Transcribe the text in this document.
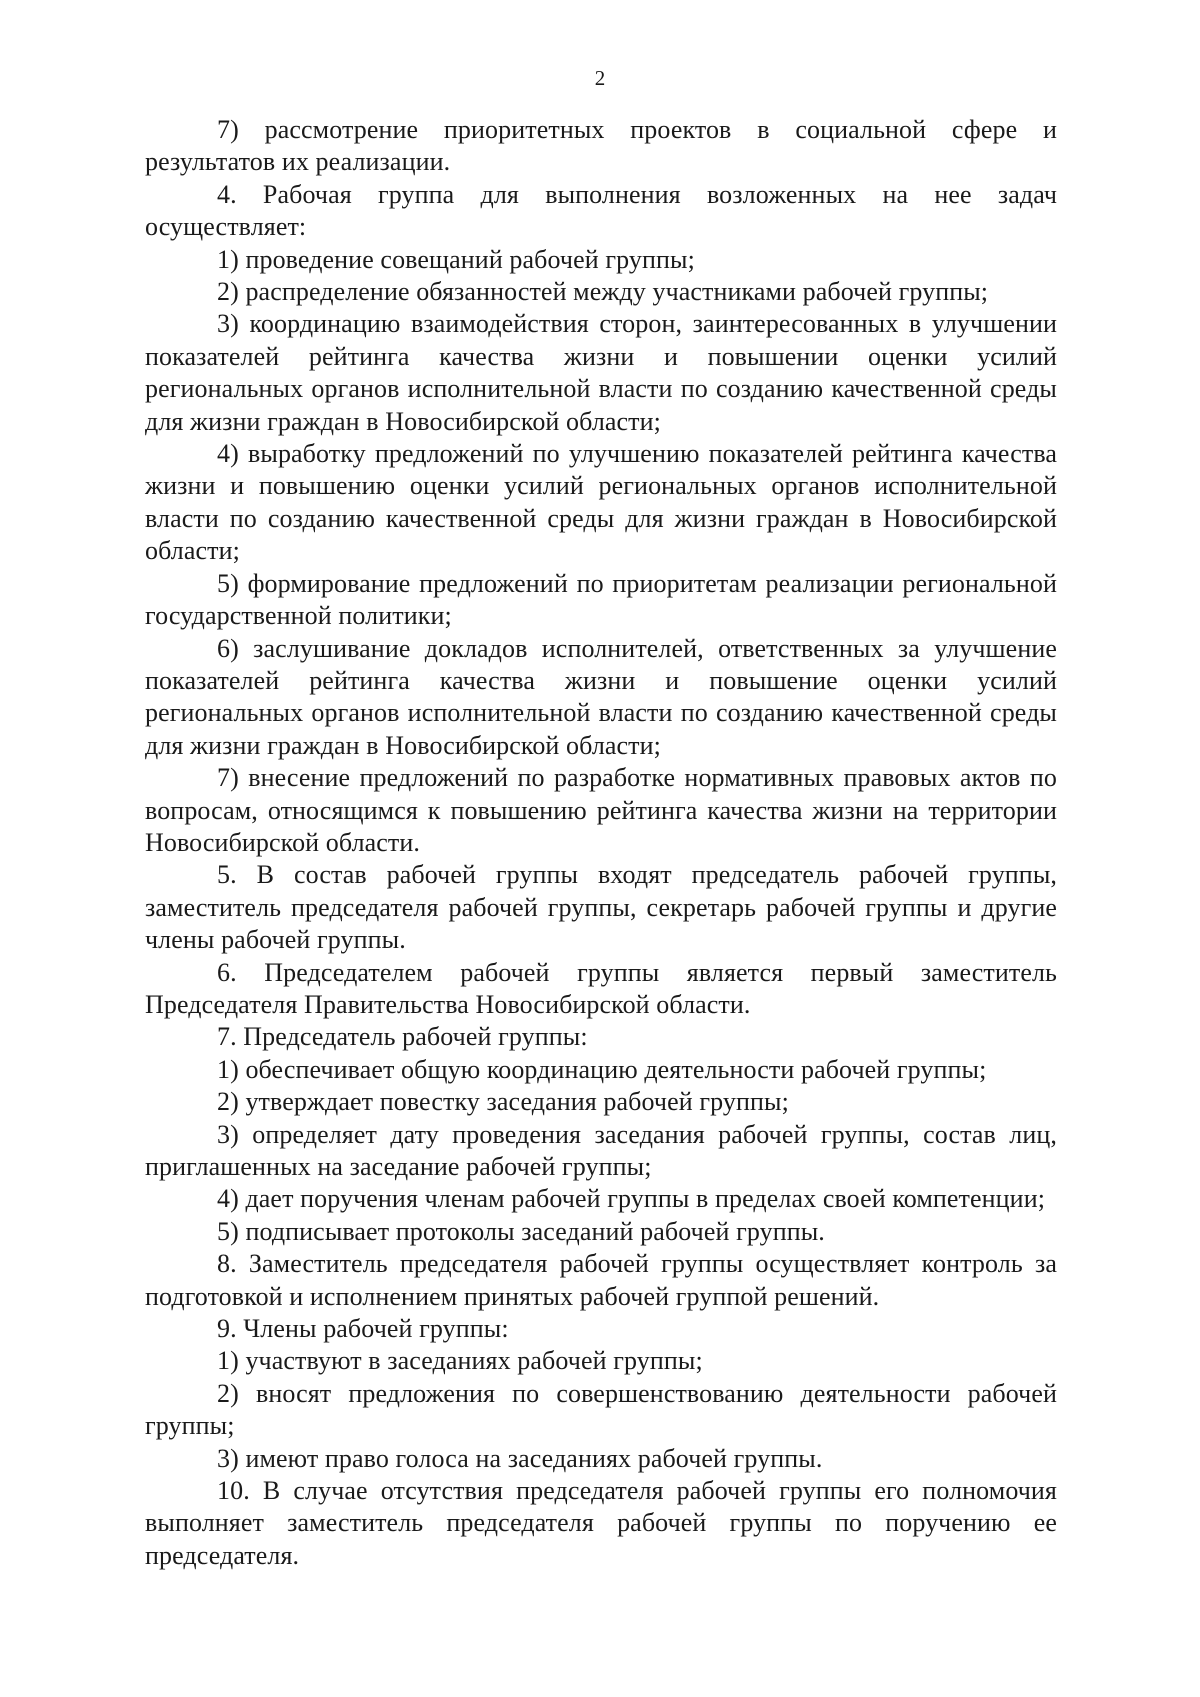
2

7) рассмотрение приоритетных проектов в социальной сфере и результатов их реализации.

4. Рабочая группа для выполнения возложенных на нее задач осуществляет:

1) проведение совещаний рабочей группы;

2) распределение обязанностей между участниками рабочей группы;

3) координацию взаимодействия сторон, заинтересованных в улучшении показателей рейтинга качества жизни и повышении оценки усилий региональных органов исполнительной власти по созданию качественной среды для жизни граждан в Новосибирской области;

4) выработку предложений по улучшению показателей рейтинга качества жизни и повышению оценки усилий региональных органов исполнительной власти по созданию качественной среды для жизни граждан в Новосибирской области;

5) формирование предложений по приоритетам реализации региональной государственной политики;

6) заслушивание докладов исполнителей, ответственных за улучшение показателей рейтинга качества жизни и повышение оценки усилий региональных органов исполнительной власти по созданию качественной среды для жизни граждан в Новосибирской области;

7) внесение предложений по разработке нормативных правовых актов по вопросам, относящимся к повышению рейтинга качества жизни на территории Новосибирской области.

5. В состав рабочей группы входят председатель рабочей группы, заместитель председателя рабочей группы, секретарь рабочей группы и другие члены рабочей группы.

6. Председателем рабочей группы является первый заместитель Председателя Правительства Новосибирской области.

7. Председатель рабочей группы:

1) обеспечивает общую координацию деятельности рабочей группы;

2) утверждает повестку заседания рабочей группы;

3) определяет дату проведения заседания рабочей группы, состав лиц, приглашенных на заседание рабочей группы;

4) дает поручения членам рабочей группы в пределах своей компетенции;

5) подписывает протоколы заседаний рабочей группы.

8. Заместитель председателя рабочей группы осуществляет контроль за подготовкой и исполнением принятых рабочей группой решений.

9. Члены рабочей группы:

1) участвуют в заседаниях рабочей группы;

2) вносят предложения по совершенствованию деятельности рабочей группы;

3) имеют право голоса на заседаниях рабочей группы.

10. В случае отсутствия председателя рабочей группы его полномочия выполняет заместитель председателя рабочей группы по поручению ее председателя.
